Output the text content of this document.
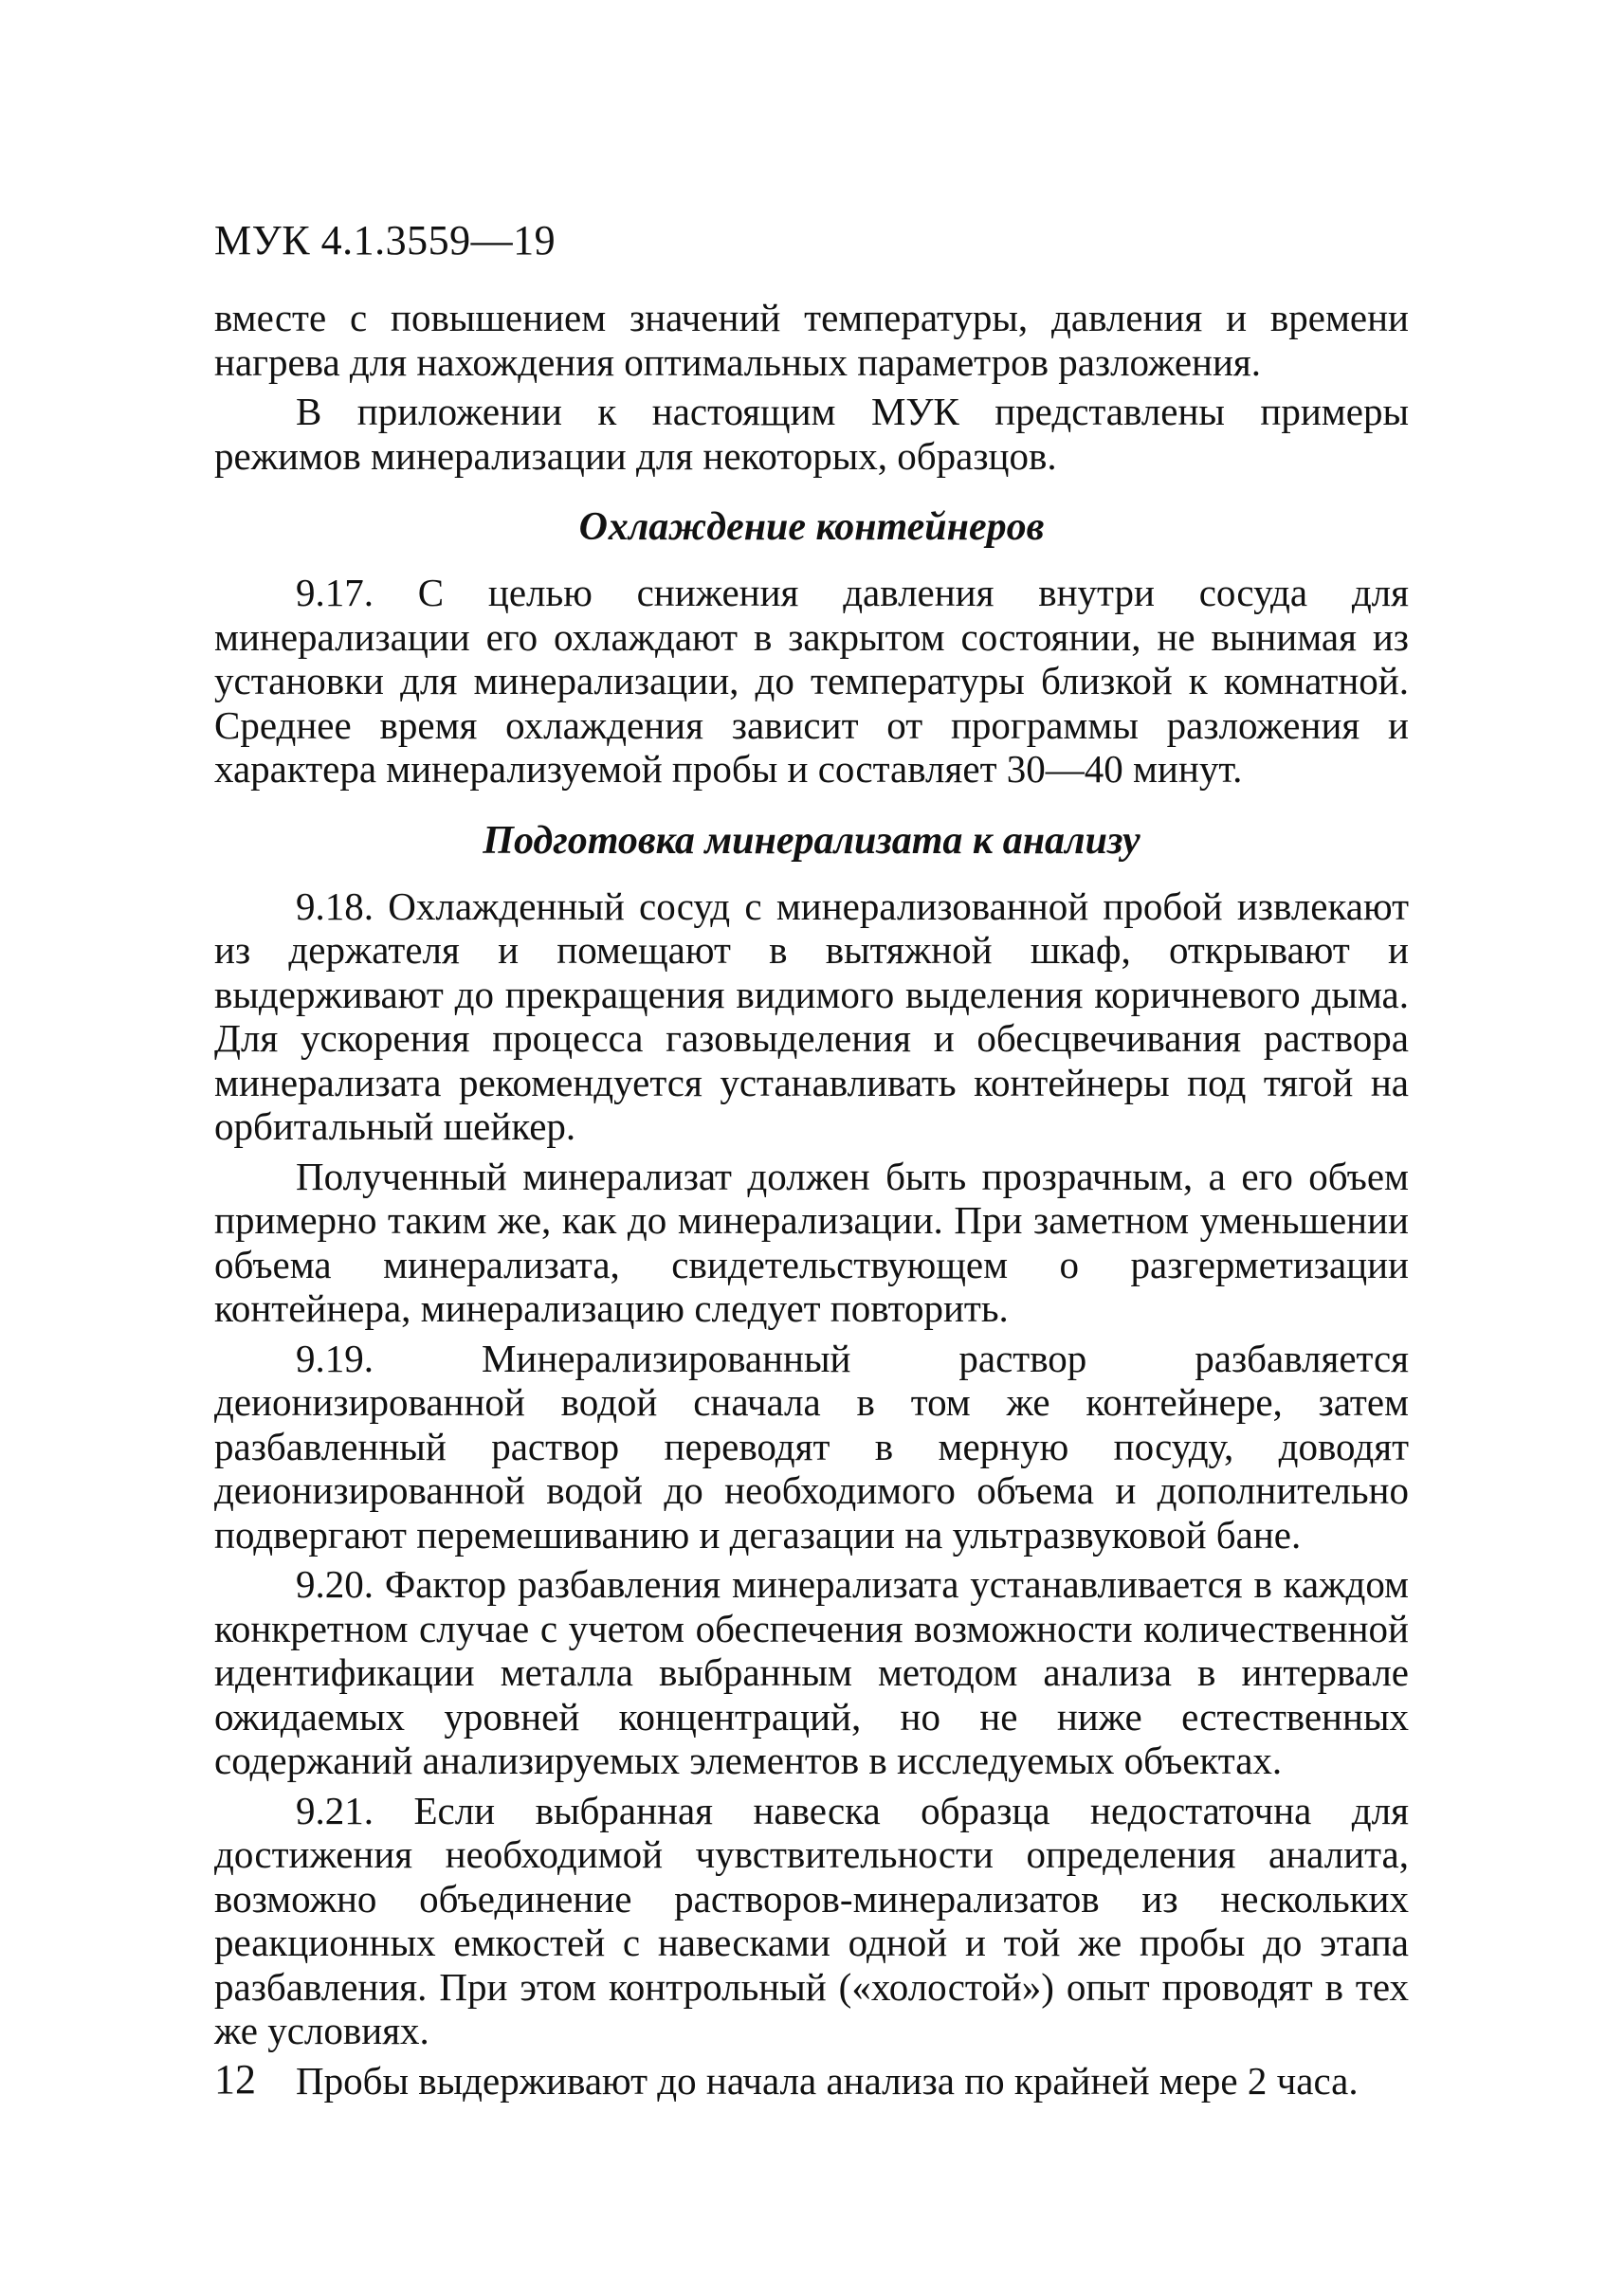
МУК 4.1.3559—19

вместе с повышением значений температуры, давления и времени нагрева для нахождения оптимальных параметров разложения.

В приложении к настоящим МУК представлены примеры режимов минерализации для некоторых, образцов.

Охлаждение контейнеров

9.17. С целью снижения давления внутри сосуда для минерализации его охлаждают в закрытом состоянии, не вынимая из установки для минерализации, до температуры близкой к комнатной. Среднее время охлаждения зависит от программы разложения и характера минерализуемой пробы и составляет 30—40 минут.

Подготовка минерализата к анализу

9.18. Охлажденный сосуд с минерализованной пробой извлекают из держателя и помещают в вытяжной шкаф, открывают и выдерживают до прекращения видимого выделения коричневого дыма. Для ускорения процесса газовыделения и обесцвечивания раствора минерализата рекомендуется устанавливать контейнеры под тягой на орбитальный шейкер.

Полученный минерализат должен быть прозрачным, а его объем примерно таким же, как до минерализации. При заметном уменьшении объема минерализата, свидетельствующем о разгерметизации контейнера, минерализацию следует повторить.

9.19. Минерализированный раствор разбавляется деионизированной водой сначала в том же контейнере, затем разбавленный раствор переводят в мерную посуду, доводят деионизированной водой до необходимого объема и дополнительно подвергают перемешиванию и дегазации на ультразвуковой бане.

9.20. Фактор разбавления минерализата устанавливается в каждом конкретном случае с учетом обеспечения возможности количественной идентификации металла выбранным методом анализа в интервале ожидаемых уровней концентраций, но не ниже естественных содержаний анализируемых элементов в исследуемых объектах.

9.21. Если выбранная навеска образца недостаточна для достижения необходимой чувствительности определения аналита, возможно объединение растворов-минерализатов из нескольких реакционных емкостей с навесками одной и той же пробы до этапа разбавления. При этом контрольный («холостой») опыт проводят в тех же условиях.

Пробы выдерживают до начала анализа по крайней мере 2 часа.

12
